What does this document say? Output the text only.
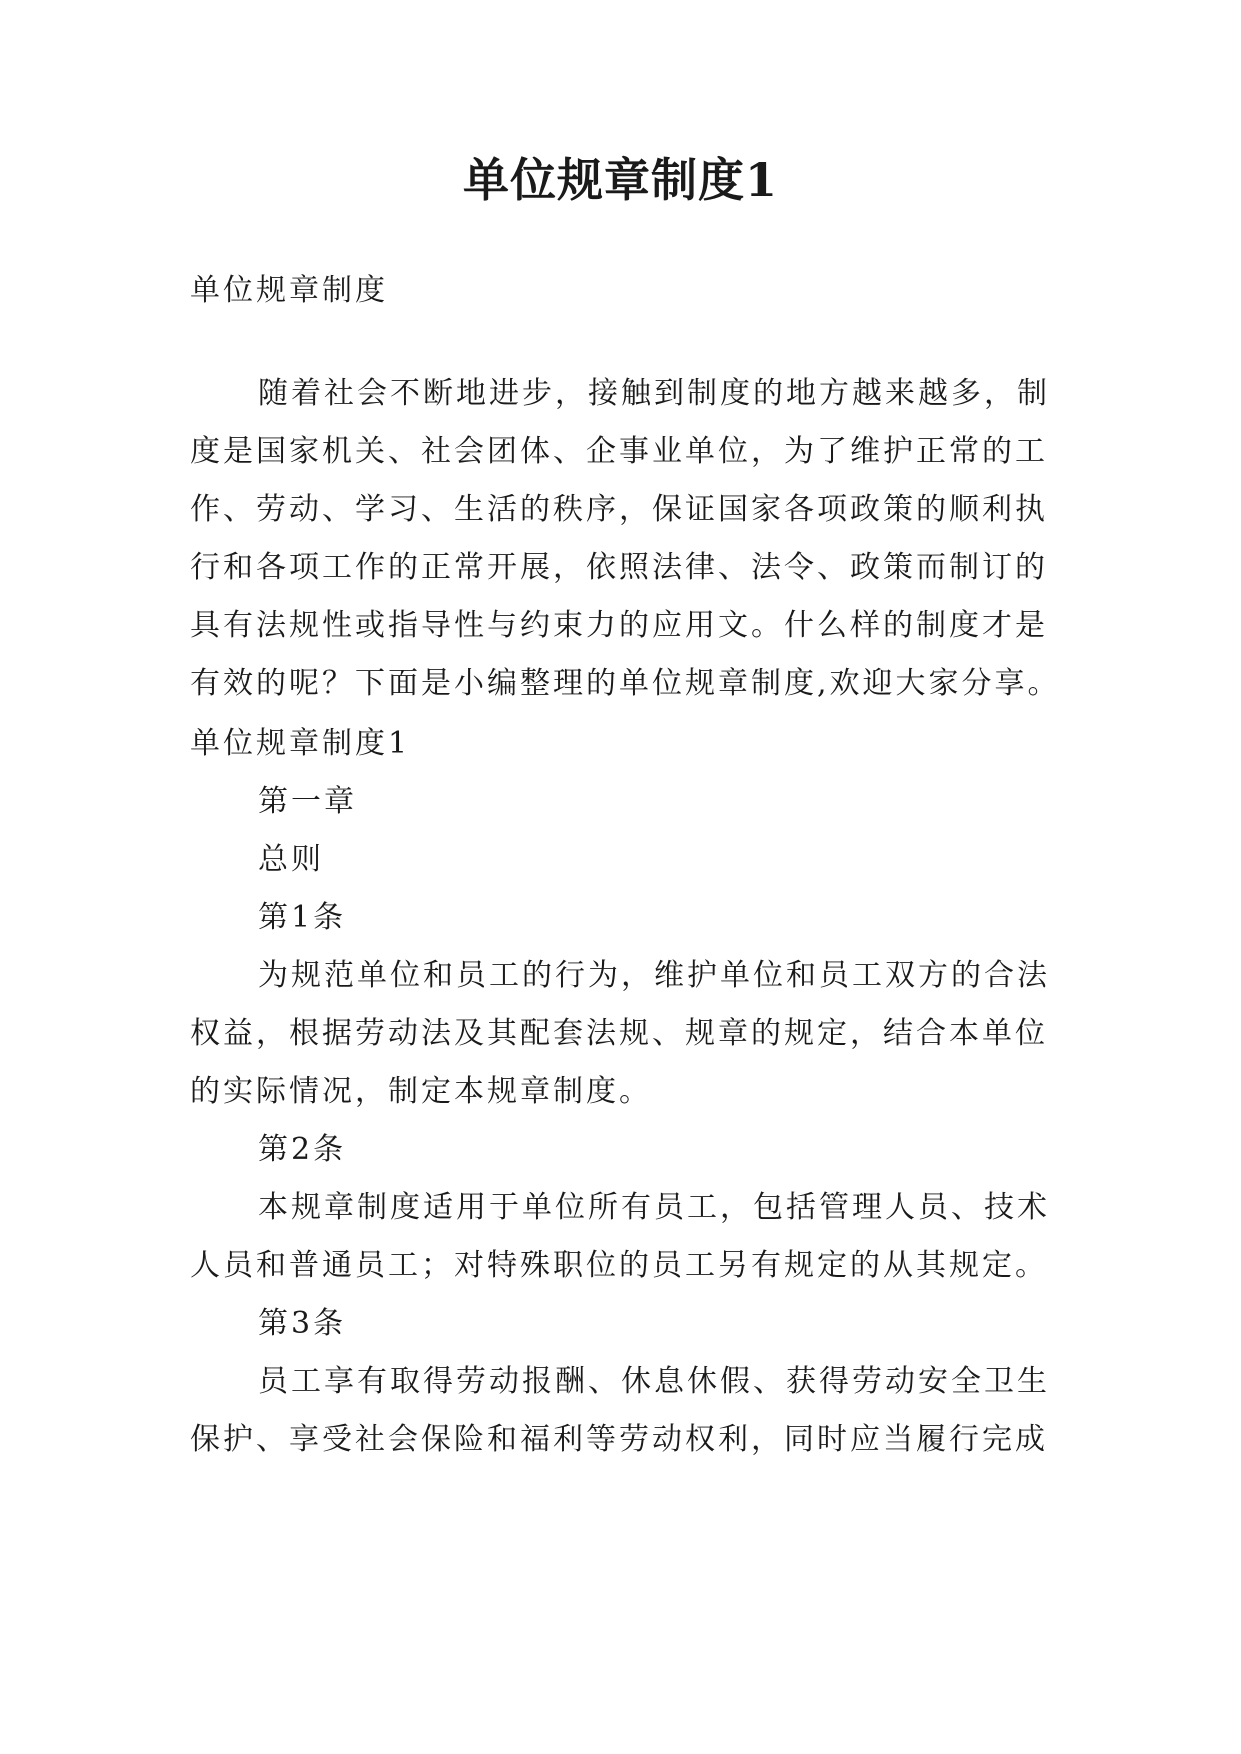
单位规章制度1

单位规章制度

随着社会不断地进步，接触到制度的地方越来越多，制
度是国家机关、社会团体、企事业单位，为了维护正常的工
作、劳动、学习、生活的秩序，保证国家各项政策的顺利执
行和各项工作的正常开展，依照法律、法令、政策而制订的
具有法规性或指导性与约束力的应用文。什么样的制度才是
有效的呢？下面是小编整理的单位规章制度,欢迎大家分享。
单位规章制度1
第一章
总则
第1条
为规范单位和员工的行为，维护单位和员工双方的合法
权益，根据劳动法及其配套法规、规章的规定，结合本单位
的实际情况，制定本规章制度。
第2条
本规章制度适用于单位所有员工，包括管理人员、技术
人员和普通员工；对特殊职位的员工另有规定的从其规定。
第3条
员工享有取得劳动报酬、休息休假、获得劳动安全卫生
保护、享受社会保险和福利等劳动权利，同时应当履行完成
